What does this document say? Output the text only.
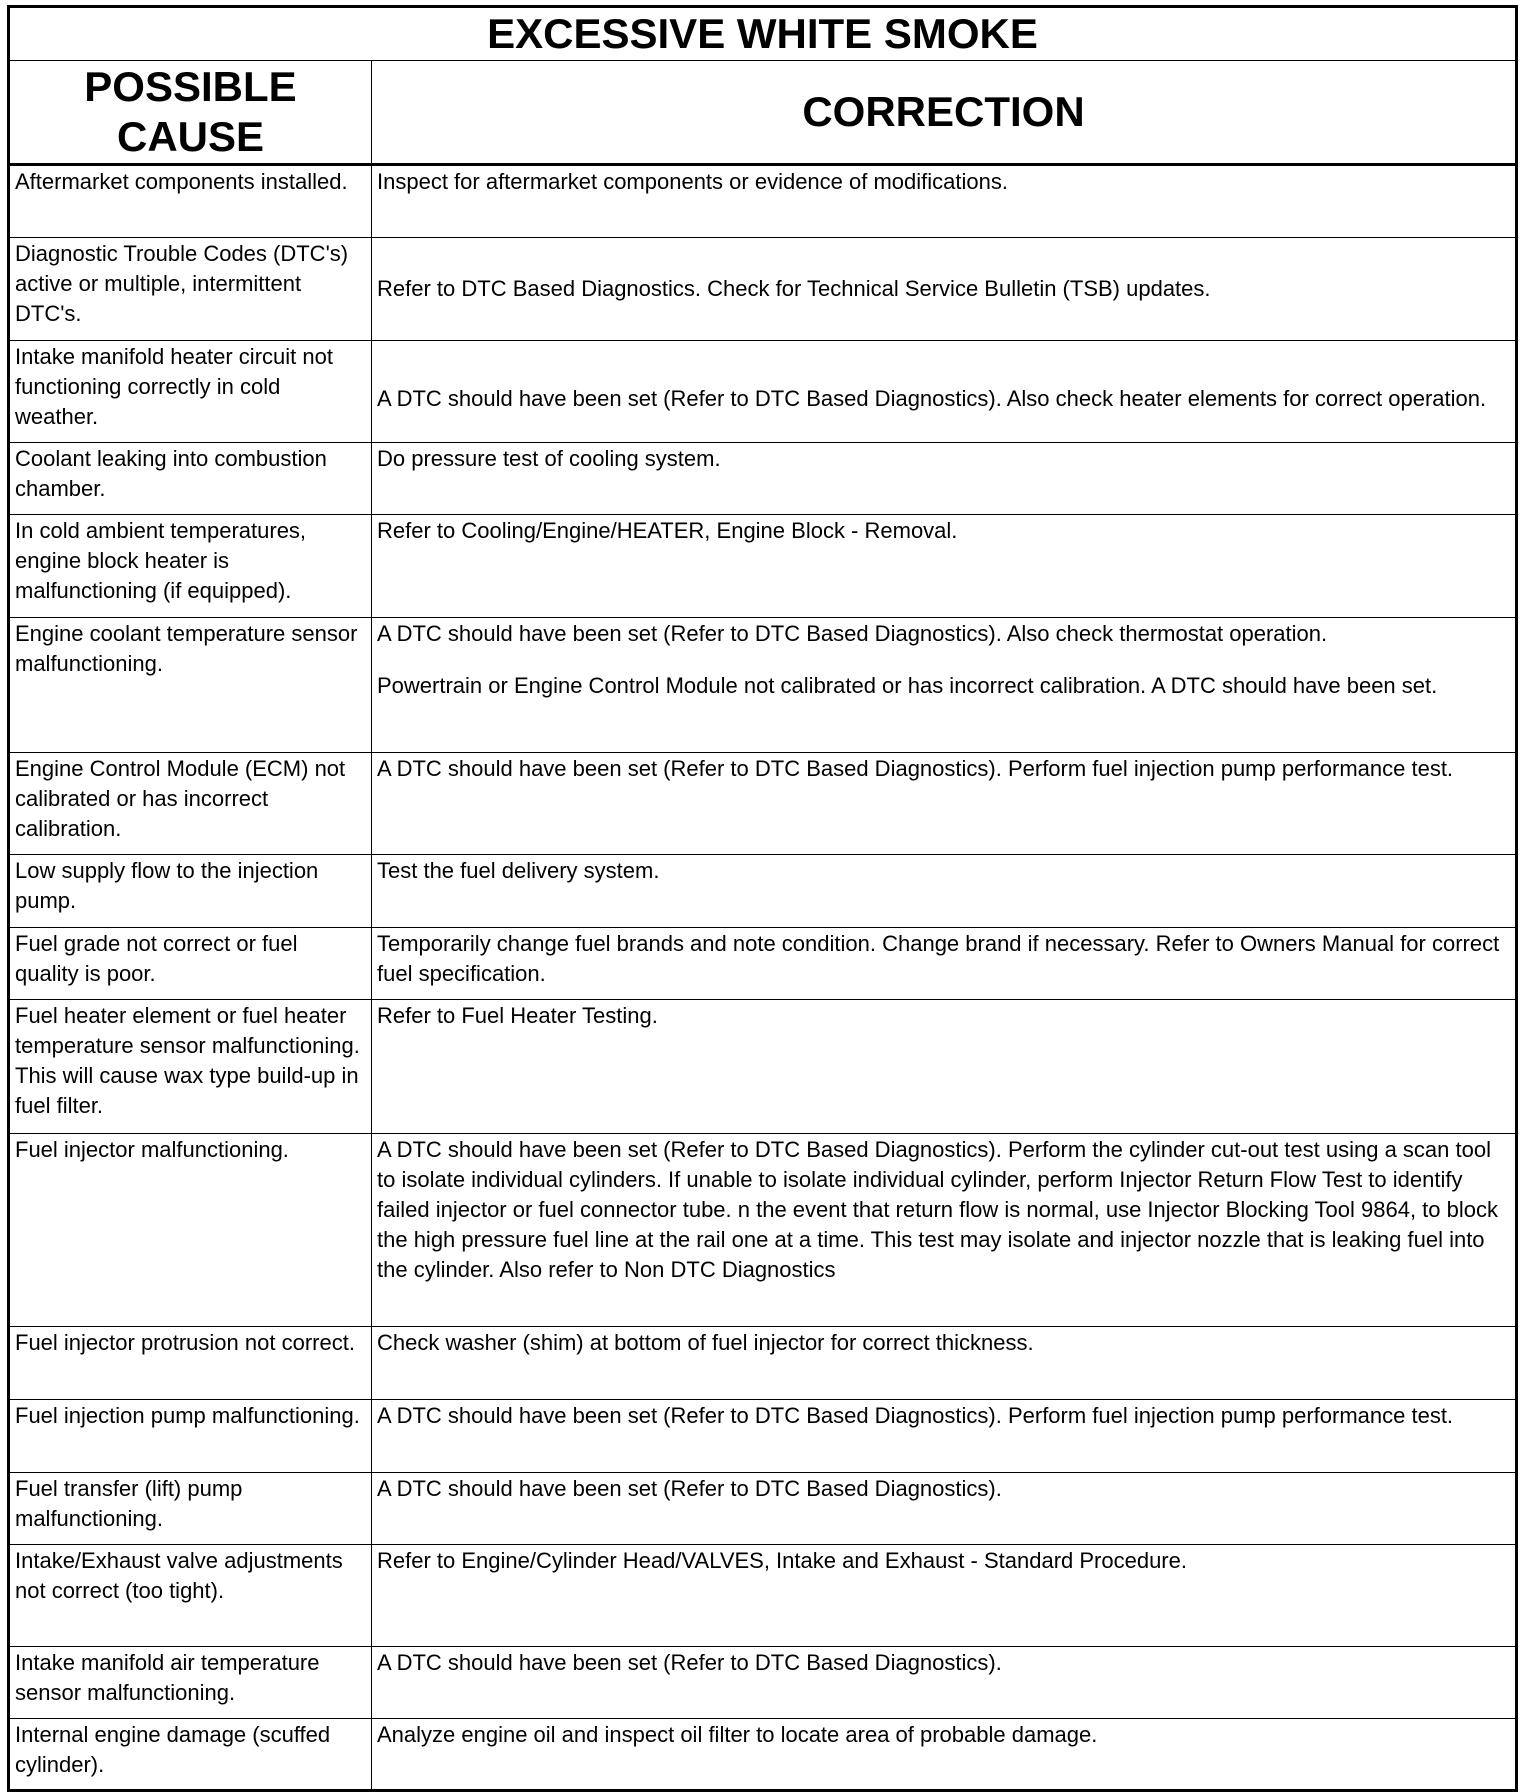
EXCESSIVE WHITE SMOKE	
POSSIBLE CAUSE	CORRECTION
Aftermarket components installed.	Inspect for aftermarket components or evidence of modifications.

Diagnostic Trouble Codes (DTC's) active or multiple, intermittent DTC's.	Refer to DTC Based Diagnostics. Check for Technical Service Bulletin (TSB) updates.

Intake manifold heater circuit not functioning correctly in cold weather.	A DTC should have been set (Refer to DTC Based Diagnostics). Also check heater elements for correct operation.

Coolant leaking into combustion chamber.	Do pressure test of cooling system.

In cold ambient temperatures, engine block heater is malfunctioning (if equipped).	Refer to Cooling/Engine/HEATER, Engine Block - Removal.

Engine coolant temperature sensor malfunctioning.	A DTC should have been set (Refer to DTC Based Diagnostics). Also check thermostat operation.
Powertrain or Engine Control Module not calibrated or has incorrect calibration. A DTC should have been set.

Engine Control Module (ECM) not calibrated or has incorrect calibration.	A DTC should have been set (Refer to DTC Based Diagnostics). Perform fuel injection pump performance test.

Low supply flow to the injection pump.	Test the fuel delivery system.

Fuel grade not correct or fuel quality is poor.	Temporarily change fuel brands and note condition. Change brand if necessary. Refer to Owners Manual for correct fuel specification.

Fuel heater element or fuel heater temperature sensor malfunctioning. This will cause wax type build-up in fuel filter.	Refer to Fuel Heater Testing.

Fuel injector malfunctioning.	A DTC should have been set (Refer to DTC Based Diagnostics). Perform the cylinder cut-out test using a scan tool to isolate individual cylinders. If unable to isolate individual cylinder, perform Injector Return Flow Test to identify failed injector or fuel connector tube. n the event that return flow is normal, use Injector Blocking Tool 9864, to block the high pressure fuel line at the rail one at a time. This test may isolate and injector nozzle that is leaking fuel into the cylinder. Also refer to Non DTC Diagnostics

Fuel injector protrusion not correct.	Check washer (shim) at bottom of fuel injector for correct thickness.

Fuel injection pump malfunctioning.	A DTC should have been set (Refer to DTC Based Diagnostics). Perform fuel injection pump performance test.

Fuel transfer (lift) pump malfunctioning.	A DTC should have been set (Refer to DTC Based Diagnostics).

Intake/Exhaust valve adjustments not correct (too tight).	Refer to Engine/Cylinder Head/VALVES, Intake and Exhaust - Standard Procedure.

Intake manifold air temperature sensor malfunctioning.	A DTC should have been set (Refer to DTC Based Diagnostics).

Internal engine damage (scuffed cylinder).	Analyze engine oil and inspect oil filter to locate area of probable damage.
